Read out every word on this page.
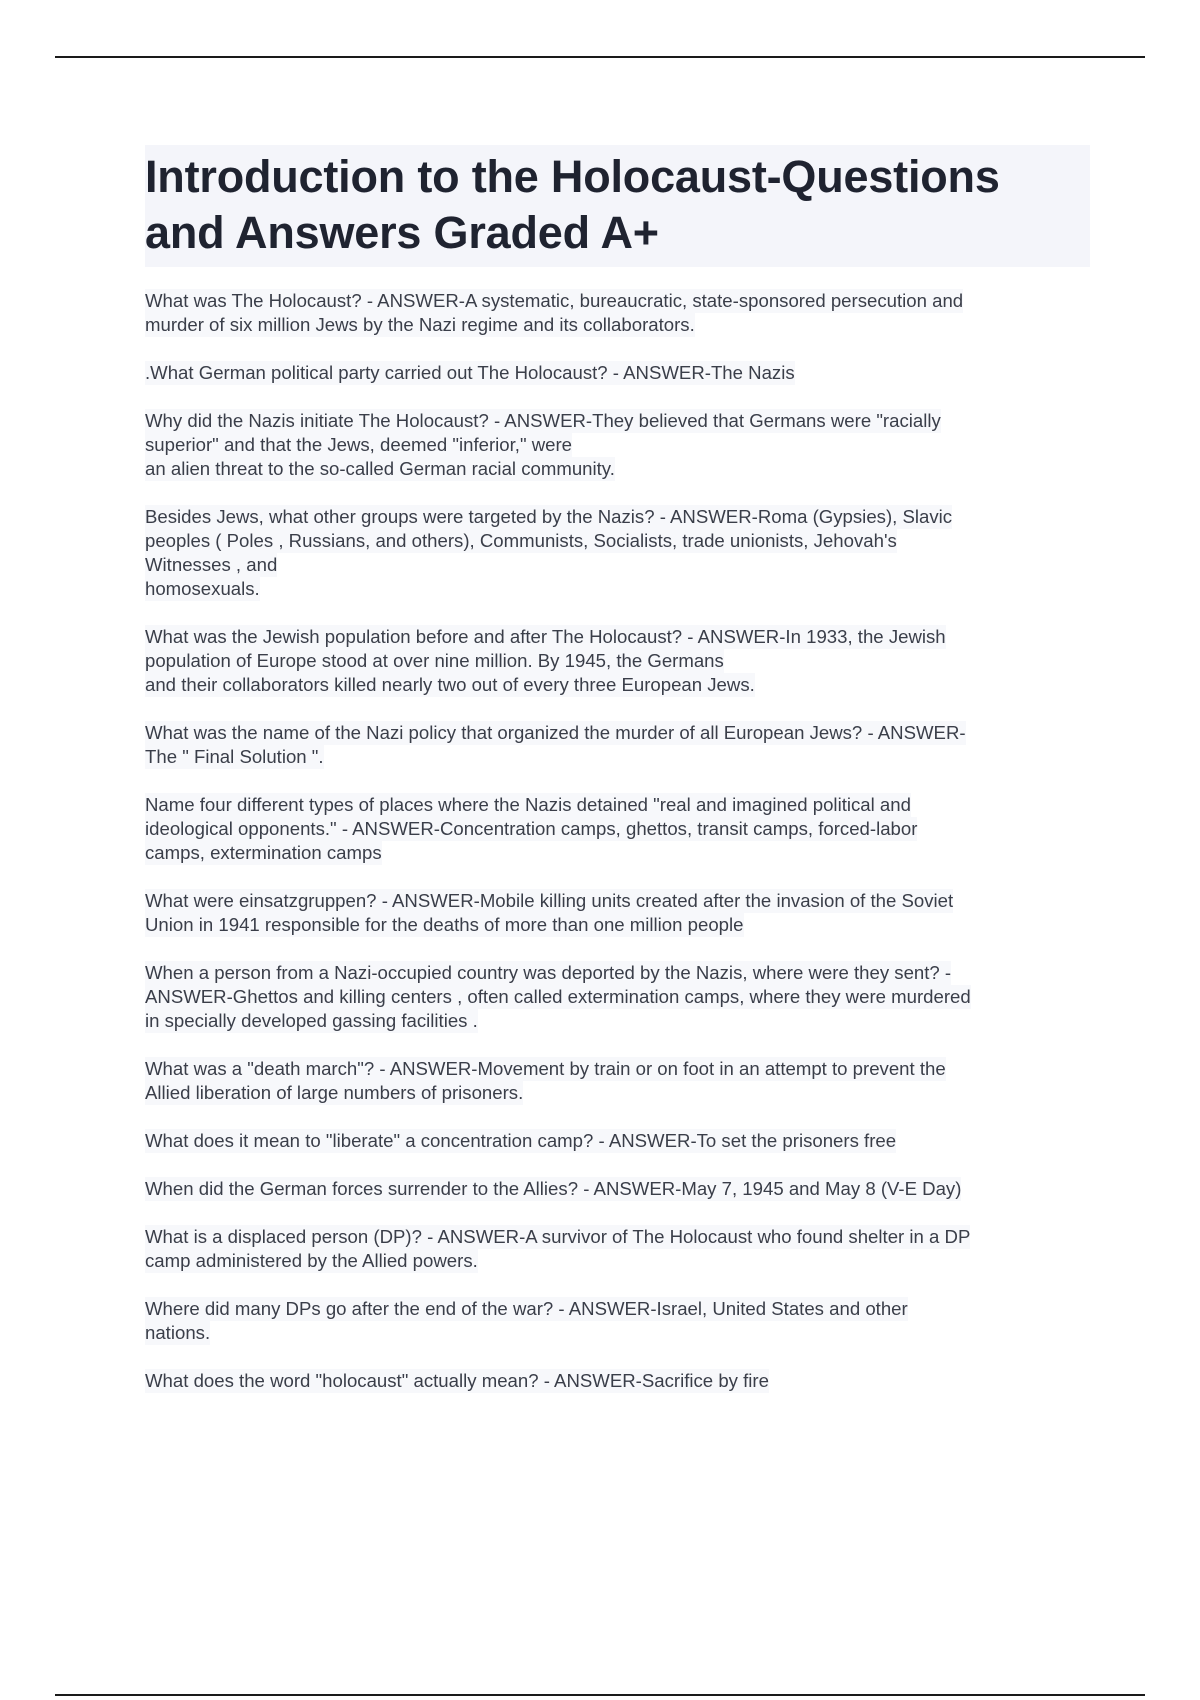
Introduction to the Holocaust-Questions
and Answers Graded A+
What was The Holocaust? - ANSWER-A systematic, bureaucratic, state-sponsored persecution and
murder of six million Jews by the Nazi regime and its collaborators.
.What German political party carried out The Holocaust? - ANSWER-The Nazis
Why did the Nazis initiate The Holocaust? - ANSWER-They believed that Germans were "racially
superior" and that the Jews, deemed "inferior," were
an alien threat to the so-called German racial community.
Besides Jews, what other groups were targeted by the Nazis? - ANSWER-Roma (Gypsies), Slavic
peoples ( Poles , Russians, and others), Communists, Socialists, trade unionists, Jehovah's
Witnesses , and
homosexuals.
What was the Jewish population before and after The Holocaust? - ANSWER-In 1933, the Jewish
population of Europe stood at over nine million. By 1945, the Germans
and their collaborators killed nearly two out of every three European Jews.
What was the name of the Nazi policy that organized the murder of all European Jews? - ANSWER-
The " Final Solution ".
Name four different types of places where the Nazis detained "real and imagined political and
ideological opponents." - ANSWER-Concentration camps, ghettos, transit camps, forced-labor
camps, extermination camps
What were einsatzgruppen? - ANSWER-Mobile killing units created after the invasion of the Soviet
Union in 1941 responsible for the deaths of more than one million people
When a person from a Nazi-occupied country was deported by the Nazis, where were they sent? -
ANSWER-Ghettos and killing centers , often called extermination camps, where they were murdered
in specially developed gassing facilities .
What was a "death march"? - ANSWER-Movement by train or on foot in an attempt to prevent the
Allied liberation of large numbers of prisoners.
What does it mean to "liberate" a concentration camp? - ANSWER-To set the prisoners free
When did the German forces surrender to the Allies? - ANSWER-May 7, 1945 and May 8 (V-E Day)
What is a displaced person (DP)? - ANSWER-A survivor of The Holocaust who found shelter in a DP
camp administered by the Allied powers.
Where did many DPs go after the end of the war? - ANSWER-Israel, United States and other
nations.
What does the word "holocaust" actually mean? - ANSWER-Sacrifice by fire
